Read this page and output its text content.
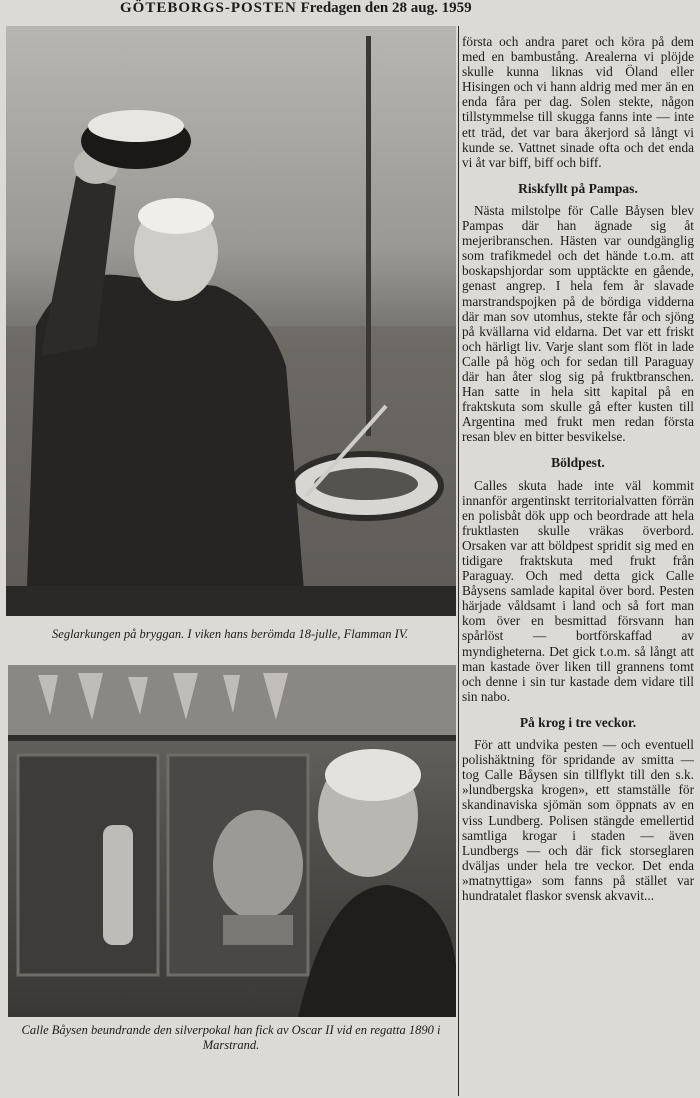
GÖTEBORGS-POSTEN Fredagen den 28 aug. 1959
Seglarkungen på bryggan. I viken hans berömda 18-julle, Flamman IV.
Calle Båysen beundrande den silverpokal han fick av Oscar II vid en regatta 1890 i Marstrand.

första och andra paret och köra på dem med en bambustång. Arealerna vi plöjde skulle kunna liknas vid Öland eller Hisingen och vi hann aldrig med mer än en enda fåra per dag. Solen stekte, någon tillstymmelse till skugga fanns inte — inte ett träd, det var bara åkerjord så långt vi kunde se. Vattnet sinade ofta och det enda vi åt var biff, biff och biff.

Riskfyllt på Pampas.

Nästa milstolpe för Calle Båysen blev Pampas där han ägnade sig åt mejeribranschen. Hästen var oundgänglig som trafikmedel och det hände t.o.m. att boskapshjordar som upptäckte en gående, genast angrep. I hela fem år slavade marstrandspojken på de bördiga vidderna där man sov utomhus, stekte får och sjöng på kvällarna vid eldarna. Det var ett friskt och härligt liv. Varje slant som flöt in lade Calle på hög och for sedan till Paraguay där han åter slog sig på fruktbranschen. Han satte in hela sitt kapital på en fraktskuta som skulle gå efter kusten till Argentina med frukt men redan första resan blev en bitter besvikelse.

Böldpest.

Calles skuta hade inte väl kommit innanför argentinskt territorialvatten förrän en polisbåt dök upp och beordrade att hela fruktlasten skulle vräkas överbord. Orsaken var att böldpest spridit sig med en tidigare fraktskuta med frukt från Paraguay. Och med detta gick Calle Båysens samlade kapital över bord. Pesten härjade våldsamt i land och så fort man kom över en besmittad försvann han spårlöst — bortförskaffad av myndigheterna. Det gick t.o.m. så långt att man kastade över liken till grannens tomt och denne i sin tur kastade dem vidare till sin nabo.

På krog i tre veckor.

För att undvika pesten — och eventuell polishäktning för spridande av smitta — tog Calle Båysen sin tillflykt till den s.k. »lundbergska krogen», ett stamställe för skandinaviska sjömän som öppnats av en viss Lundberg. Polisen stängde emellertid samtliga krogar i staden — även Lundbergs — och där fick storseglaren dväljas under hela tre veckor. Det enda »matnyttiga» som fanns på stället var hundratalet flaskor svensk akvavit...
